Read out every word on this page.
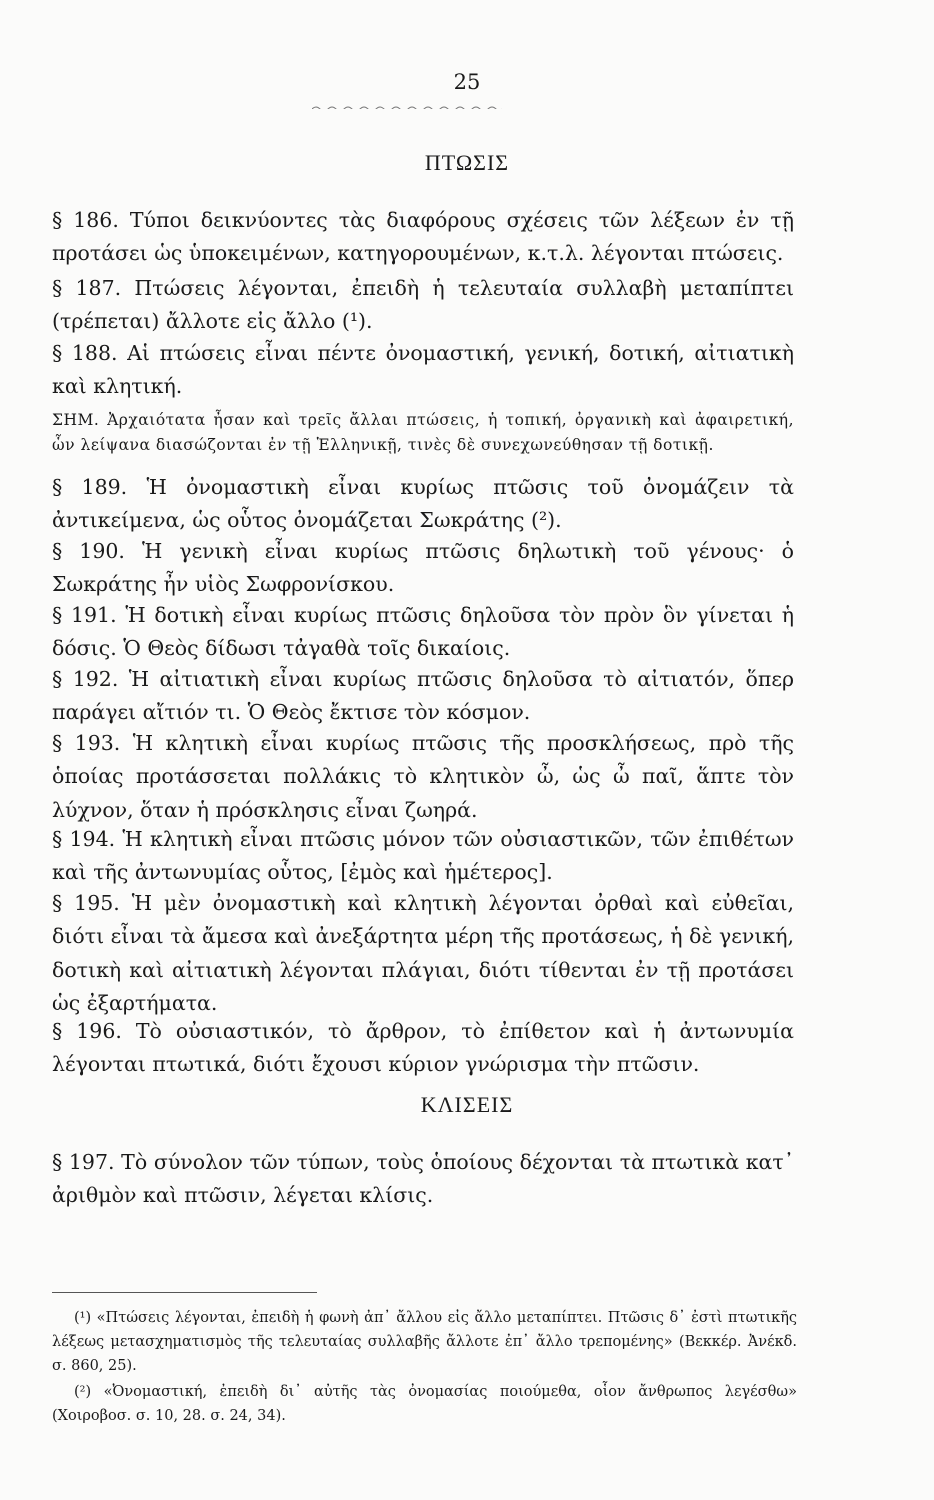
25
ΠΤΩΣΙΣ

§ 186. Τύποι δεικνύοντες τὰς διαφόρους σχέσεις τῶν λέξεων ἐν τῇ προτάσει ὡς ὑποκειμένων, κατηγορουμένων, κ.τ.λ. λέγονται πτώσεις.

§ 187. Πτώσεις λέγονται, ἐπειδὴ ἡ τελευταία συλλαβὴ μεταπίπτει (τρέπεται) ἄλλοτε εἰς ἄλλο (¹).

§ 188. Αἱ πτώσεις εἶναι πέντε ὀνομαστική, γενική, δοτική, αἰτιατικὴ καὶ κλητική.

ΣΗΜ. Ἀρχαιότατα ἦσαν καὶ τρεῖς ἄλλαι πτώσεις, ἡ τοπική, ὀργανικὴ καὶ ἀφαιρετική, ὧν λείψανα διασώζονται ἐν τῇ Ἑλληνικῇ, τινὲς δὲ συνεχωνεύθησαν τῇ δοτικῇ.

§ 189. Ἡ ὀνομαστικὴ εἶναι κυρίως πτῶσις τοῦ ὀνομάζειν τὰ ἀντικείμενα, ὡς οὗτος ὀνομάζεται Σωκράτης (²).

§ 190. Ἡ γενικὴ εἶναι κυρίως πτῶσις δηλωτικὴ τοῦ γένους· ὁ Σωκράτης ἦν υἱὸς Σωφρονίσκου.

§ 191. Ἡ δοτικὴ εἶναι κυρίως πτῶσις δηλοῦσα τὸν πρὸν ὃν γίνεται ἡ δόσις. Ὁ Θεὸς δίδωσι τἀγαθὰ τοῖς δικαίοις.

§ 192. Ἡ αἰτιατικὴ εἶναι κυρίως πτῶσις δηλοῦσα τὸ αἰτιατόν, ὅπερ παράγει αἴτιόν τι. Ὁ Θεὸς ἔκτισε τὸν κόσμον.

§ 193. Ἡ κλητικὴ εἶναι κυρίως πτῶσις τῆς προσκλήσεως, πρὸ τῆς ὁποίας προτάσσεται πολλάκις τὸ κλητικὸν ὦ, ὡς ὦ παῖ, ἅπτε τὸν λύχνον, ὅταν ἡ πρόσκλησις εἶναι ζωηρά.

§ 194. Ἡ κλητικὴ εἶναι πτῶσις μόνον τῶν οὐσιαστικῶν, τῶν ἐπιθέτων καὶ τῆς ἀντωνυμίας οὗτος, [ἐμὸς καὶ ἡμέτερος].

§ 195. Ἡ μὲν ὀνομαστικὴ καὶ κλητικὴ λέγονται ὀρθαὶ καὶ εὐθεῖαι, διότι εἶναι τὰ ἄμεσα καὶ ἀνεξάρτητα μέρη τῆς προτάσεως, ἡ δὲ γενική, δοτικὴ καὶ αἰτιατικὴ λέγονται πλάγιαι, διότι τίθενται ἐν τῇ προτάσει ὡς ἐξαρτήματα.

§ 196. Τὸ οὐσιαστικόν, τὸ ἄρθρον, τὸ ἐπίθετον καὶ ἡ ἀντωνυμία λέγονται πτωτικά, διότι ἔχουσι κύριον γνώρισμα τὴν πτῶσιν.

ΚΛΙΣΕΙΣ

§ 197. Τὸ σύνολον τῶν τύπων, τοὺς ὁποίους δέχονται τὰ πτωτικὰ κατ᾿ ἀριθμὸν καὶ πτῶσιν, λέγεται κλίσις.

(¹) «Πτώσεις λέγονται, ἐπειδὴ ἡ φωνὴ ἀπ᾿ ἄλλου εἰς ἄλλο μεταπίπτει. Πτῶσις δ᾿ ἐστὶ πτωτικῆς λέξεως μετασχηματισμὸς τῆς τελευταίας συλλαβῆς ἄλλοτε ἐπ᾿ ἄλλο τρεπομένης» (Βεκκέρ. Ἀνέκδ. σ. 860, 25).

(²) «Ὀνομαστική, ἐπειδὴ δι᾿ αὐτῆς τὰς ὀνομασίας ποιούμεθα, οἷον ἄνθρωπος λεγέσθω» (Χοιροβοσ. σ. 10, 28. σ. 24, 34).
